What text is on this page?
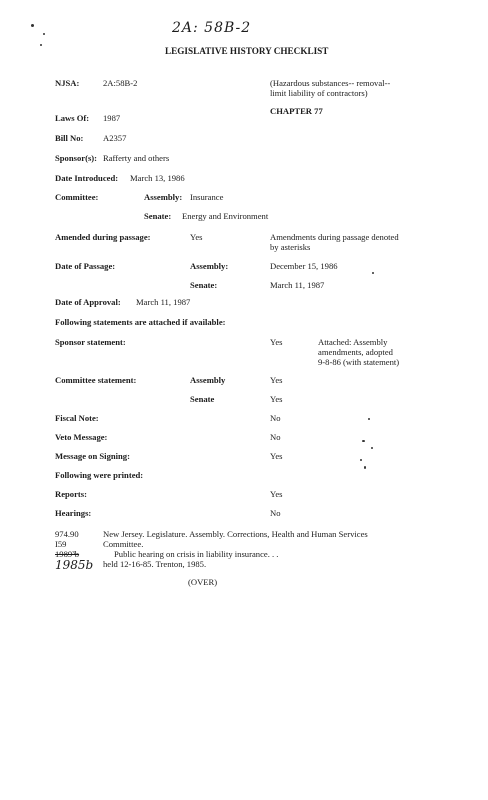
2A: 58B-2
LEGISLATIVE HISTORY CHECKLIST
NJSA:	2A:58B-2	(Hazardous substances-- removal--
limit liability of contractors)
CHAPTER 77
Laws Of: 1987
Bill No: A2357
Sponsor(s): Rafferty and others
Date Introduced: March 13, 1986
Committee:	Assembly: Insurance
Senate: Energy and Environment
Amended during passage:	Yes	Amendments during passage denoted
by asterisks
Date of Passage:	Assembly:	December 15, 1986
Senate:	March 11, 1987
Date of Approval: March 11, 1987
Following statements are attached if available:
Sponsor statement:	Yes	Attached: Assembly
amendments, adopted
9-8-86 (with statement)
Committee statement:	Assembly	Yes
Senate	Yes
Fiscal Note:	No
Veto Message:	No
Message on Signing:	Yes
Following were printed:
Reports:	Yes
Hearings:	No
974.90
I59
1989³b
1985b
New Jersey. Legislature. Assembly. Corrections, Health and Human Services
Committee.
Public hearing on crisis in liability insurance. . .
held 12-16-85. Trenton, 1985.
(OVER)
